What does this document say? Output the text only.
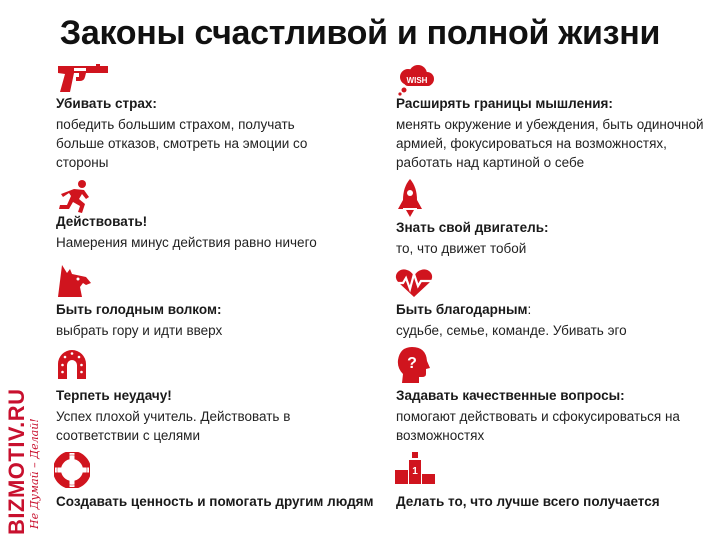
Законы счастливой и полной жизни
Убивать страх:
победить большим страхом, получать
больше отказов, смотреть на эмоции со
стороны
Действовать!
Намерения минус действия равно ничего
Быть голодным волком:
выбрать гору и идти вверх
Терпеть неудачу!
Успех плохой учитель. Действовать в
соответствии с целями
Создавать ценность и помогать другим людям
WISH
Расширять границы мышления:
менять окружение и убеждения, быть одиночной
армией, фокусироваться на возможностях,
работать над картиной о себе
Знать свой двигатель:
то, что движет тобой
Быть благодарным:
судьбе, семье, команде. Убивать эго
?
Задавать качественные вопросы:
помогают действовать и сфокусироваться на
возможностях
1
Делать то, что лучше всего получается
BIZMOTIV.RU Не Думай – Делай!
